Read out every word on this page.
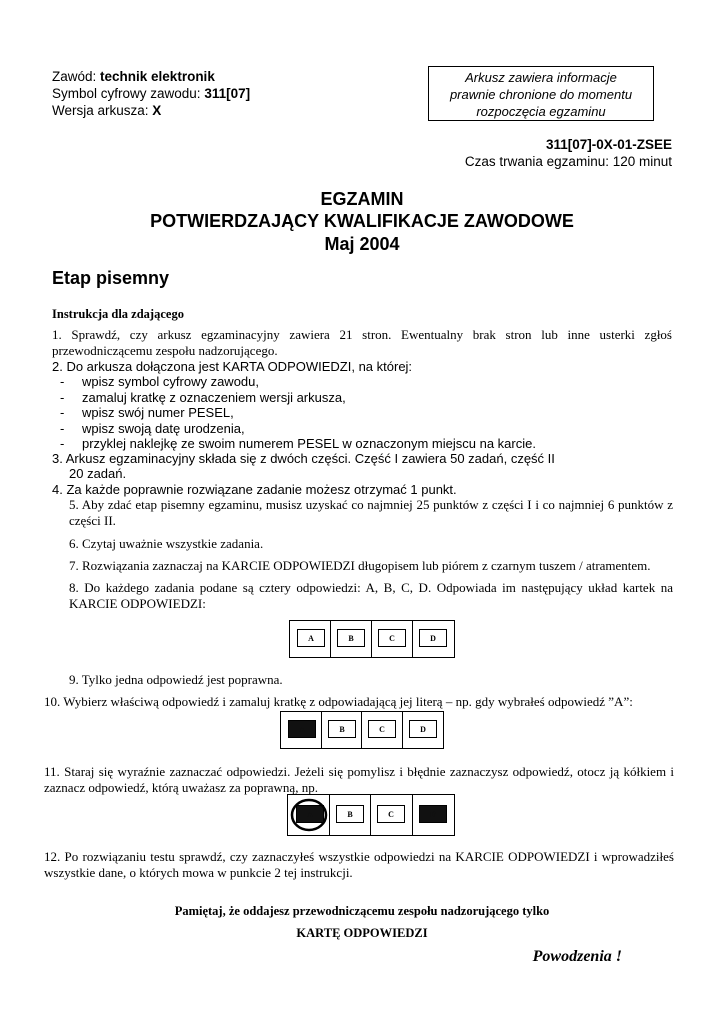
Zawód: technik elektronik
Symbol cyfrowy zawodu: 311[07]
Wersja arkusza: X
Arkusz zawiera informacje
prawnie chronione do momentu
rozpoczęcia egzaminu
311[07]-0X-01-ZSEE
Czas trwania egzaminu: 120 minut
EGZAMIN
POTWIERDZAJĄCY KWALIFIKACJE ZAWODOWE
Maj 2004
Etap pisemny
Instrukcja dla zdającego
1. Sprawdź, czy arkusz egzaminacyjny zawiera 21 stron. Ewentualny brak stron lub inne usterki zgłoś przewodniczącemu zespołu nadzorującego.
2. Do arkusza dołączona jest KARTA ODPOWIEDZI, na której:
- wpisz symbol cyfrowy zawodu,
- zamaluj kratkę z oznaczeniem wersji arkusza,
- wpisz swój numer PESEL,
- wpisz swoją datę urodzenia,
- przyklej naklejkę ze swoim numerem PESEL w oznaczonym miejscu na karcie.
3. Arkusz egzaminacyjny składa się z dwóch części. Część I zawiera 50 zadań, część II
20 zadań.
4. Za każde poprawnie rozwiązane zadanie możesz otrzymać 1 punkt.
5. Aby zdać etap pisemny egzaminu, musisz uzyskać co najmniej 25 punktów z części I i co najmniej 6 punktów z części II.
6. Czytaj uważnie wszystkie zadania.
7. Rozwiązania zaznaczaj na KARCIE ODPOWIEDZI długopisem lub piórem z czarnym tuszem / atramentem.
8. Do każdego zadania podane są cztery odpowiedzi: A, B, C, D. Odpowiada im następujący układ kartek na KARCIE ODPOWIEDZI:
A	B	C	D
9. Tylko jedna odpowiedź jest poprawna.
10. Wybierz właściwą odpowiedź i zamaluj kratkę z odpowiadającą jej literą – np. gdy wybrałeś odpowiedź ”A”:
A	B	C	D
11. Staraj się wyraźnie zaznaczać odpowiedzi. Jeżeli się pomylisz i błędnie zaznaczysz odpowiedź, otocz ją kółkiem i zaznacz odpowiedź, którą uważasz za poprawną, np.
A	B	C	D
12. Po rozwiązaniu testu sprawdź, czy zaznaczyłeś wszystkie odpowiedzi na KARCIE ODPOWIEDZI i wprowadziłeś wszystkie dane, o których mowa w punkcie 2 tej instrukcji.
Pamiętaj, że oddajesz przewodniczącemu zespołu nadzorującego tylko
KARTĘ ODPOWIEDZI
Powodzenia !
